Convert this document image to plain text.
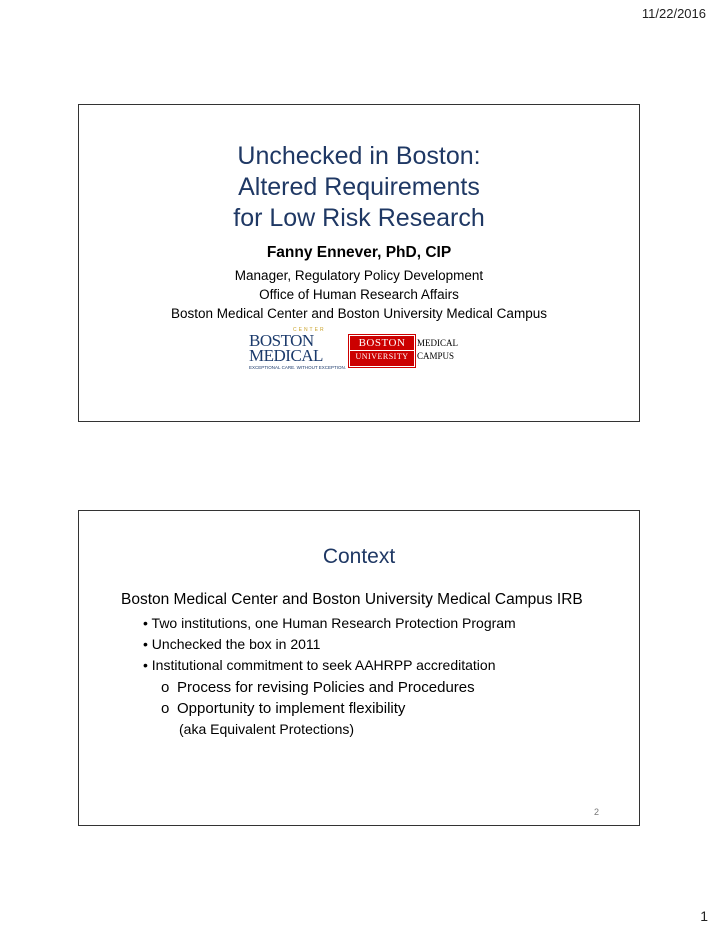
11/22/2016
Unchecked in Boston:
Altered Requirements
for Low Risk Research
Fanny Ennever, PhD, CIP
Manager, Regulatory Policy Development
Office of Human Research Affairs
Boston Medical Center and Boston University Medical Campus
CENTER
BOSTON
MEDICAL
EXCEPTIONAL CARE. WITHOUT EXCEPTION.
BOSTON
UNIVERSITY
MEDICAL
CAMPUS
Context
Boston Medical Center and Boston University Medical Campus IRB
• Two institutions, one Human Research Protection Program
• Unchecked the box in 2011
• Institutional commitment to seek AAHRPP accreditation
o Process for revising Policies and Procedures
o Opportunity to implement flexibility
(aka Equivalent Protections)
2
1
